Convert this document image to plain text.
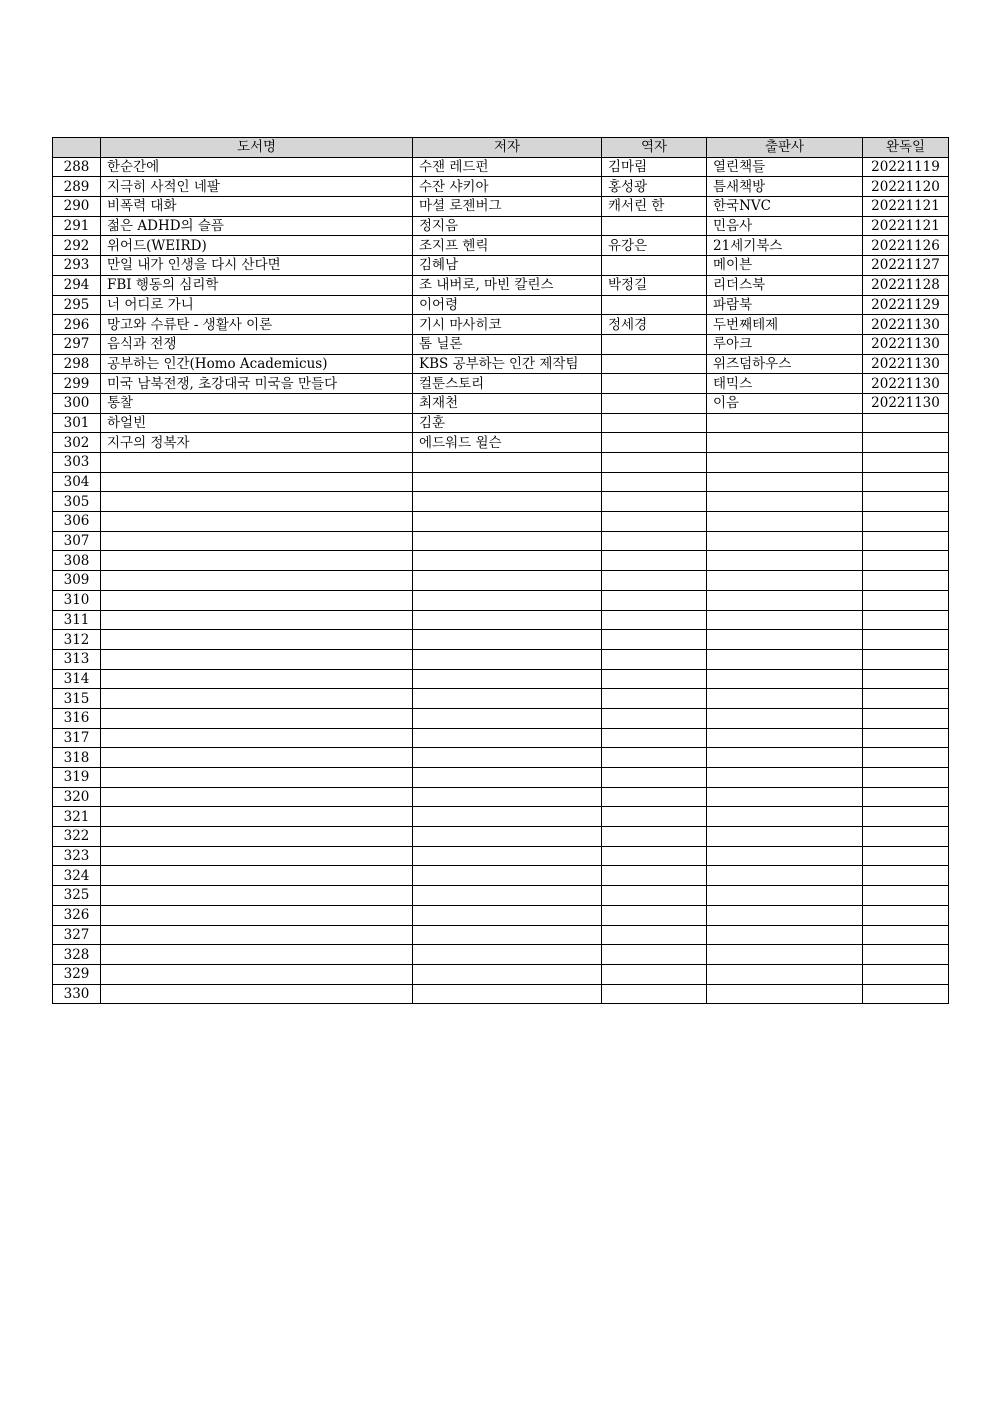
	도서명	저자	역자	출판사	완독일
288	한순간에	수잰 레드펀	김마림	열린책들	20221119
289	지극히 사적인 네팔	수잔 샤키아	홍성광	틈새책방	20221120
290	비폭력 대화	마셜 로젠버그	캐서린 한	한국NVC	20221121
291	젊은 ADHD의 슬픔	정지음		민음사	20221121
292	위어드(WEIRD)	조지프 헨릭	유강은	21세기북스	20221126
293	만일 내가 인생을 다시 산다면	김혜남		메이븐	20221127
294	FBI 행동의 심리학	조 내버로, 마빈 칼린스	박정길	리더스북	20221128
295	너 어디로 가니	이어령		파람북	20221129
296	망고와 수류탄 - 생활사 이론	기시 마사히코	정세경	두번째테제	20221130
297	음식과 전쟁	톰 닐론		루아크	20221130
298	공부하는 인간(Homo Academicus)	KBS 공부하는 인간 제작팀		위즈덤하우스	20221130
299	미국 남북전쟁, 초강대국 미국을 만들다	컬툰스토리		태믹스	20221130
300	통찰	최재천		이음	20221130
301	하얼빈	김훈			
302	지구의 정복자	에드워드 윌슨			
303					
304					
305					
306					
307					
308					
309					
310					
311					
312					
313					
314					
315					
316					
317					
318					
319					
320					
321					
322					
323					
324					
325					
326					
327					
328					
329					
330					
